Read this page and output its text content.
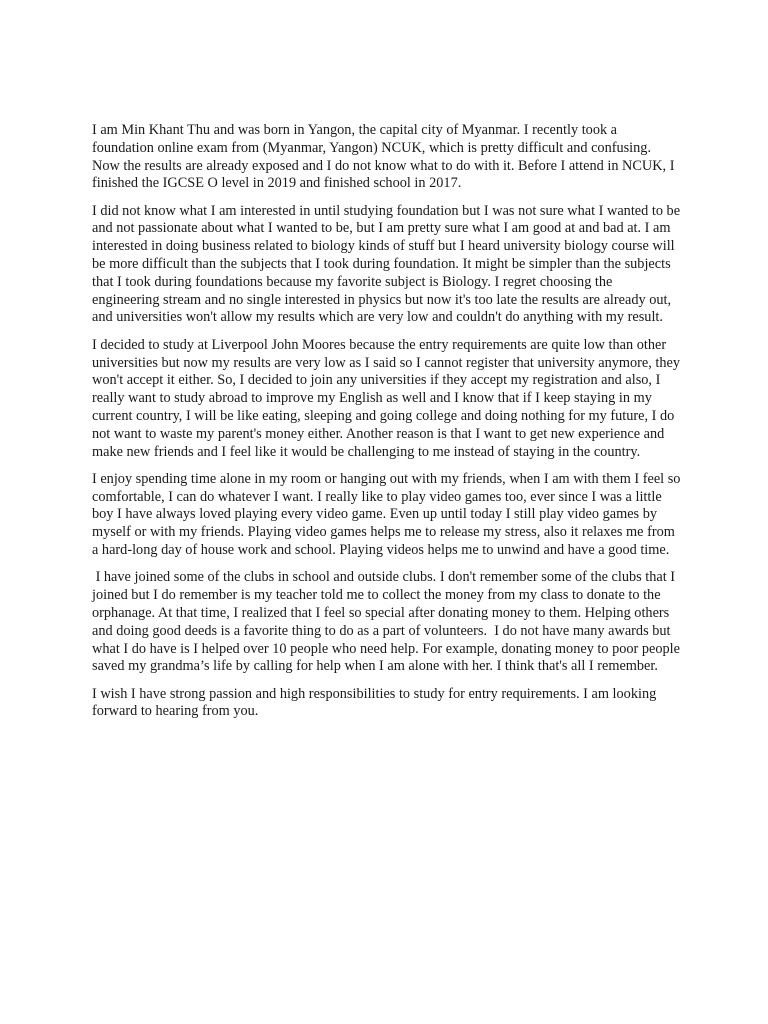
I am Min Khant Thu and was born in Yangon, the capital city of Myanmar. I recently took a foundation online exam from (Myanmar, Yangon) NCUK, which is pretty difficult and confusing. Now the results are already exposed and I do not know what to do with it. Before I attend in NCUK, I finished the IGCSE O level in 2019 and finished school in 2017.

I did not know what I am interested in until studying foundation but I was not sure what I wanted to be and not passionate about what I wanted to be, but I am pretty sure what I am good at and bad at. I am interested in doing business related to biology kinds of stuff but I heard university biology course will be more difficult than the subjects that I took during foundation. It might be simpler than the subjects that I took during foundations because my favorite subject is Biology. I regret choosing the engineering stream and no single interested in physics but now it's too late the results are already out, and universities won't allow my results which are very low and couldn't do anything with my result.

I decided to study at Liverpool John Moores because the entry requirements are quite low than other universities but now my results are very low as I said so I cannot register that university anymore, they won't accept it either. So, I decided to join any universities if they accept my registration and also, I really want to study abroad to improve my English as well and I know that if I keep staying in my current country, I will be like eating, sleeping and going college and doing nothing for my future, I do not want to waste my parent's money either. Another reason is that I want to get new experience and make new friends and I feel like it would be challenging to me instead of staying in the country.

I enjoy spending time alone in my room or hanging out with my friends, when I am with them I feel so comfortable, I can do whatever I want. I really like to play video games too, ever since I was a little boy I have always loved playing every video game. Even up until today I still play video games by myself or with my friends. Playing video games helps me to release my stress, also it relaxes me from a hard-long day of house work and school. Playing videos helps me to unwind and have a good time.

I have joined some of the clubs in school and outside clubs. I don't remember some of the clubs that I joined but I do remember is my teacher told me to collect the money from my class to donate to the orphanage. At that time, I realized that I feel so special after donating money to them. Helping others and doing good deeds is a favorite thing to do as a part of volunteers.  I do not have many awards but what I do have is I helped over 10 people who need help. For example, donating money to poor people saved my grandma’s life by calling for help when I am alone with her. I think that's all I remember.

I wish I have strong passion and high responsibilities to study for entry requirements. I am looking forward to hearing from you.
